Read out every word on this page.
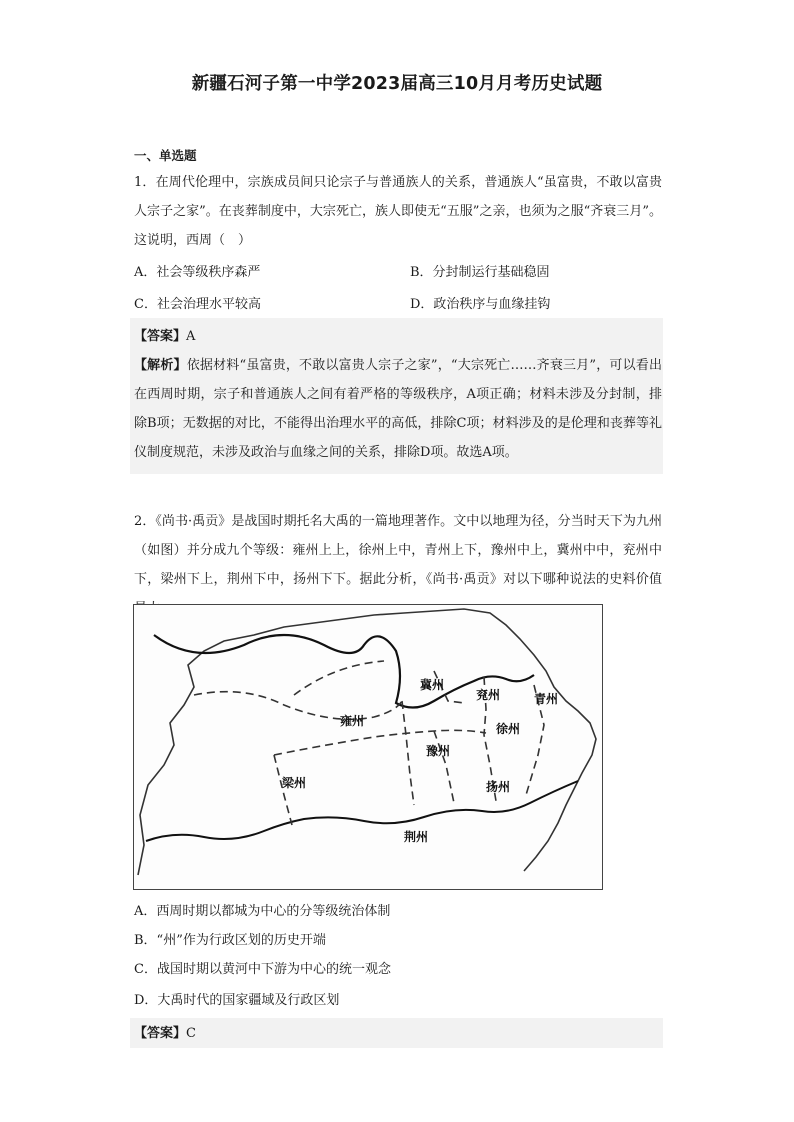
新疆石河子第一中学2023届高三10月月考历史试题
一、单选题
1．在周代伦理中，宗族成员间只论宗子与普通族人的关系，普通族人“虽富贵，不敢以富贵人宗子之家”。在丧葬制度中，大宗死亡，族人即使无“五服”之亲，也须为之服“齐衰三月”。这说明，西周（　）
A．社会等级秩序森严	B．分封制运行基础稳固
C．社会治理水平较高	D．政治秩序与血缘挂钩
【答案】A
【解析】依据材料“虽富贵，不敢以富贵人宗子之家”，“大宗死亡……齐衰三月”，可以看出在西周时期，宗子和普通族人之间有着严格的等级秩序，A项正确；材料未涉及分封制，排除B项；无数据的对比，不能得出治理水平的高低，排除C项；材料涉及的是伦理和丧葬等礼仪制度规范，未涉及政治与血缘之间的关系，排除D项。故选A项。
2．《尚书·禹贡》是战国时期托名大禹的一篇地理著作。文中以地理为径，分当时天下为九州（如图）并分成九个等级：雍州上上，徐州上中，青州上下，豫州中上，冀州中中，兖州中下，梁州下上，荆州下中，扬州下下。据此分析，《尚书·禹贡》对以下哪种说法的史料价值
冀州
兖州	青州
雍州
徐州
豫州
梁州	扬州
荆州
A．西周时期以都城为中心的分等级统治体制
B．“州”作为行政区划的历史开端
C．战国时期以黄河中下游为中心的统一观念
D．大禹时代的国家疆域及行政区划
【答案】C
